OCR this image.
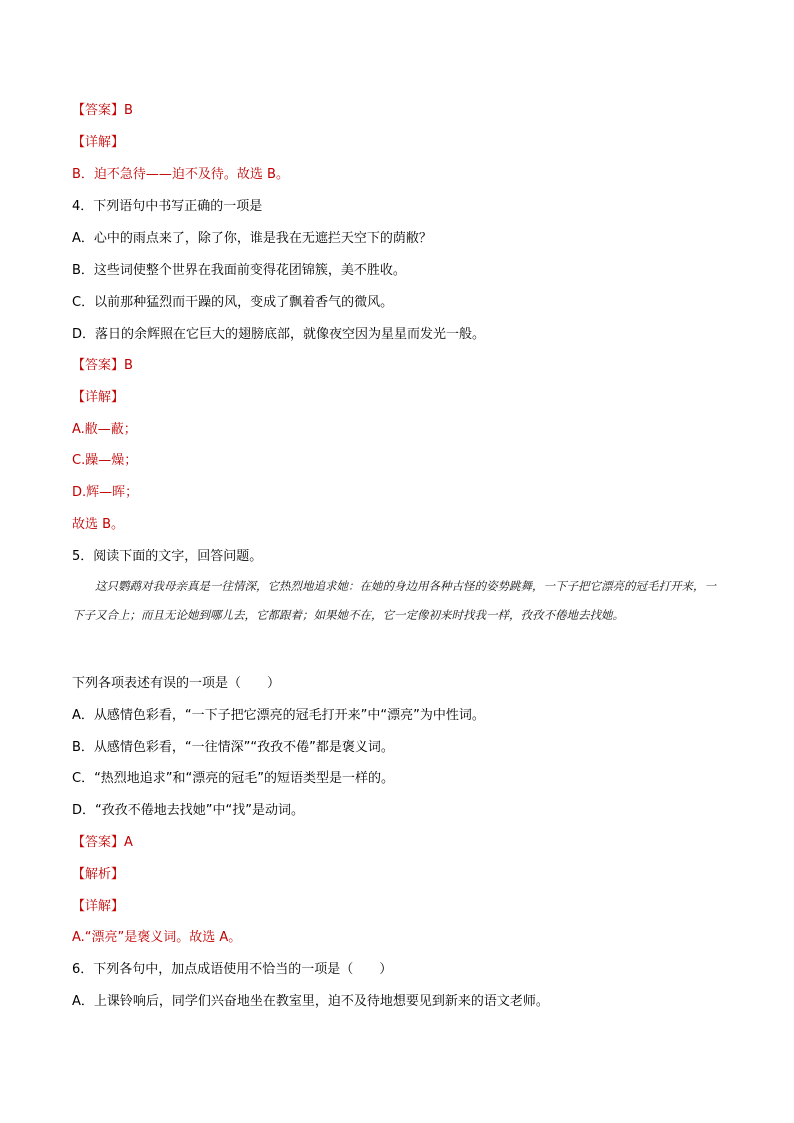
【答案】B
【详解】
B．迫不急待——迫不及待。故选 B。
4．下列语句中书写正确的一项是
A．心中的雨点来了，除了你，谁是我在无遮拦天空下的荫敝？
B．这些词使整个世界在我面前变得花团锦簇，美不胜收。
C．以前那种猛烈而干躁的风，变成了飘着香气的微风。
D．落日的余辉照在它巨大的翅膀底部，就像夜空因为星星而发光一般。
【答案】B
【详解】
A.敝—蔽；
C.躁—燥；
D.辉—晖；
故选 B。
5．阅读下面的文字，回答问题。
这只鹦鹉对我母亲真是一往情深，它热烈地追求她：在她的身边用各种古怪的姿势跳舞，一下子把它漂亮的冠毛打开来，一下子又合上；而且无论她到哪儿去，它都跟着；如果她不在，它一定像初来时找我一样，孜孜不倦地去找她。
下列各项表述有误的一项是（　　）
A．从感情色彩看，“一下子把它漂亮的冠毛打开来”中“漂亮”为中性词。
B．从感情色彩看，“一往情深”“孜孜不倦”都是褒义词。
C．“热烈地追求”和“漂亮的冠毛”的短语类型是一样的。
D．“孜孜不倦地去找她”中“找”是动词。
【答案】A
【解析】
【详解】
A.“漂亮”是褒义词。故选 A。
6．下列各句中，加点成语使用不恰当的一项是（　　）
A．上课铃响后，同学们兴奋地坐在教室里，迫不及待地想要见到新来的语文老师。
